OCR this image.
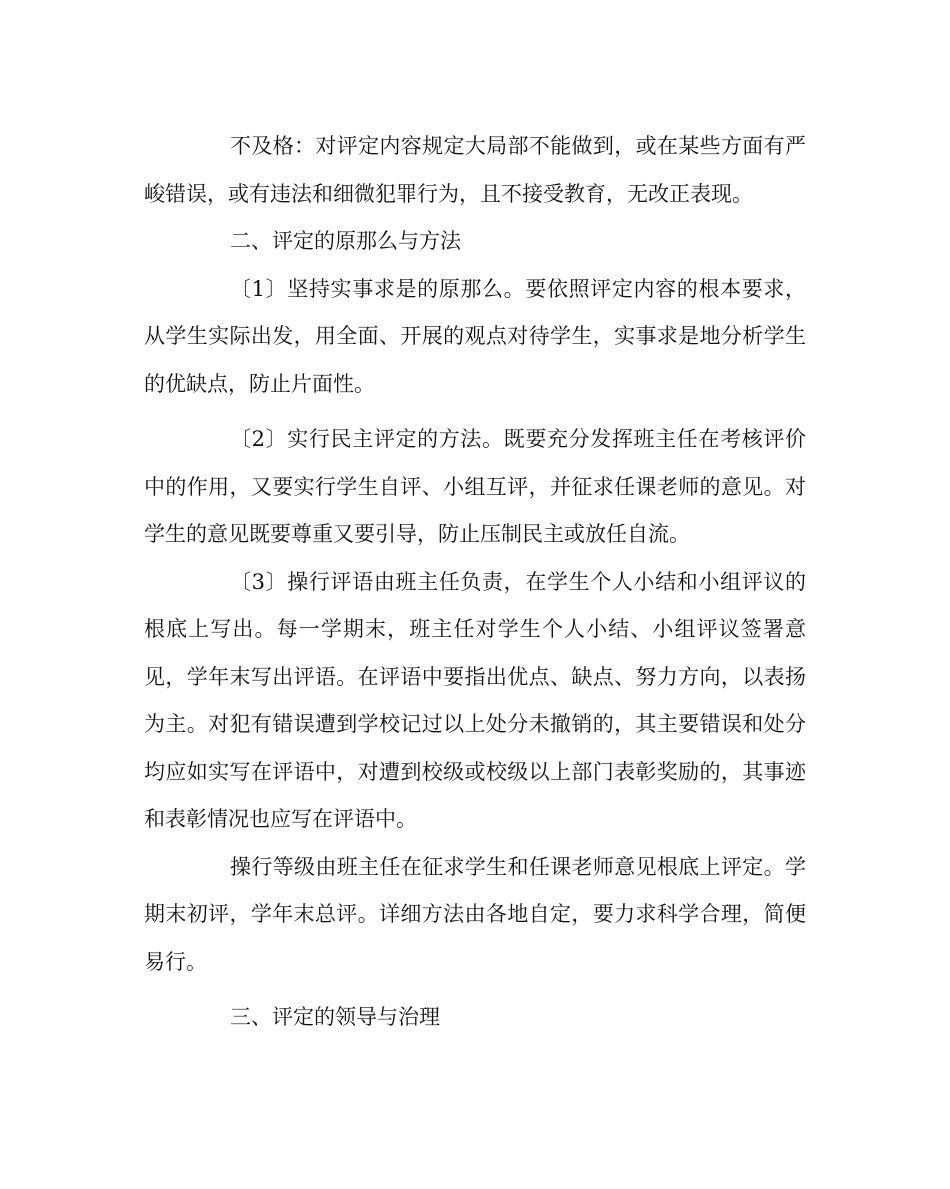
不及格：对评定内容规定大局部不能做到，或在某些方面有严峻错误，或有违法和细微犯罪行为，且不接受教育，无改正表现。

二、评定的原那么与方法

〔1〕坚持实事求是的原那么。要依照评定内容的根本要求，从学生实际出发，用全面、开展的观点对待学生，实事求是地分析学生的优缺点，防止片面性。

〔2〕实行民主评定的方法。既要充分发挥班主任在考核评价中的作用，又要实行学生自评、小组互评，并征求任课老师的意见。对学生的意见既要尊重又要引导，防止压制民主或放任自流。

〔3〕操行评语由班主任负责，在学生个人小结和小组评议的根底上写出。每一学期末，班主任对学生个人小结、小组评议签署意见，学年末写出评语。在评语中要指出优点、缺点、努力方向，以表扬为主。对犯有错误遭到学校记过以上处分未撤销的，其主要错误和处分均应如实写在评语中，对遭到校级或校级以上部门表彰奖励的，其事迹和表彰情况也应写在评语中。

操行等级由班主任在征求学生和任课老师意见根底上评定。学期末初评，学年末总评。详细方法由各地自定，要力求科学合理，简便易行。

三、评定的领导与治理
